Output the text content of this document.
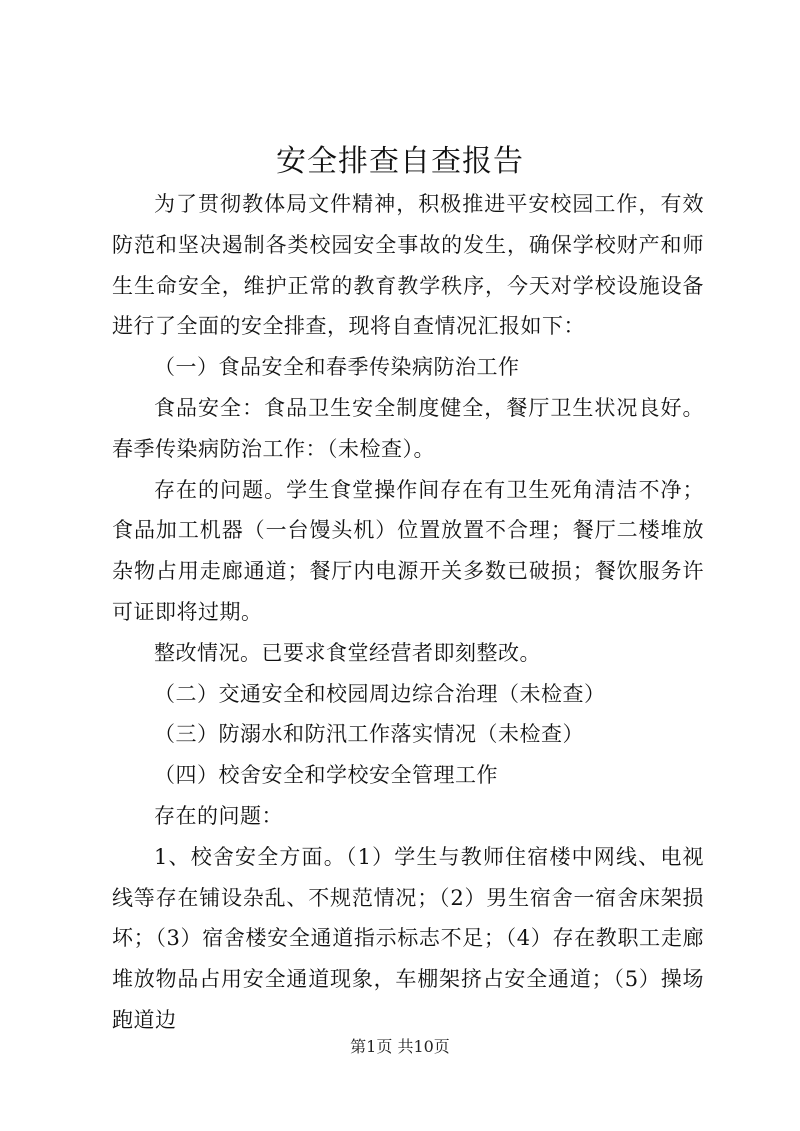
安全排查自查报告

为了贯彻教体局文件精神，积极推进平安校园工作，有效防范和坚决遏制各类校园安全事故的发生，确保学校财产和师生生命安全，维护正常的教育教学秩序，今天对学校设施设备进行了全面的安全排查，现将自查情况汇报如下：

（一）食品安全和春季传染病防治工作

食品安全：食品卫生安全制度健全，餐厅卫生状况良好。春季传染病防治工作：（未检查）。

存在的问题。学生食堂操作间存在有卫生死角清洁不净；食品加工机器（一台馒头机）位置放置不合理；餐厅二楼堆放杂物占用走廊通道；餐厅内电源开关多数已破损；餐饮服务许可证即将过期。

整改情况。已要求食堂经营者即刻整改。

（二）交通安全和校园周边综合治理（未检查）

（三）防溺水和防汛工作落实情况（未检查）

（四）校舍安全和学校安全管理工作

存在的问题：

1、校舍安全方面。（1）学生与教师住宿楼中网线、电视线等存在铺设杂乱、不规范情况；（2）男生宿舍一宿舍床架损坏；（3）宿舍楼安全通道指示标志不足；（4）存在教职工走廊堆放物品占用安全通道现象，车棚架挤占安全通道；（5）操场跑道边

第1页 共10页
